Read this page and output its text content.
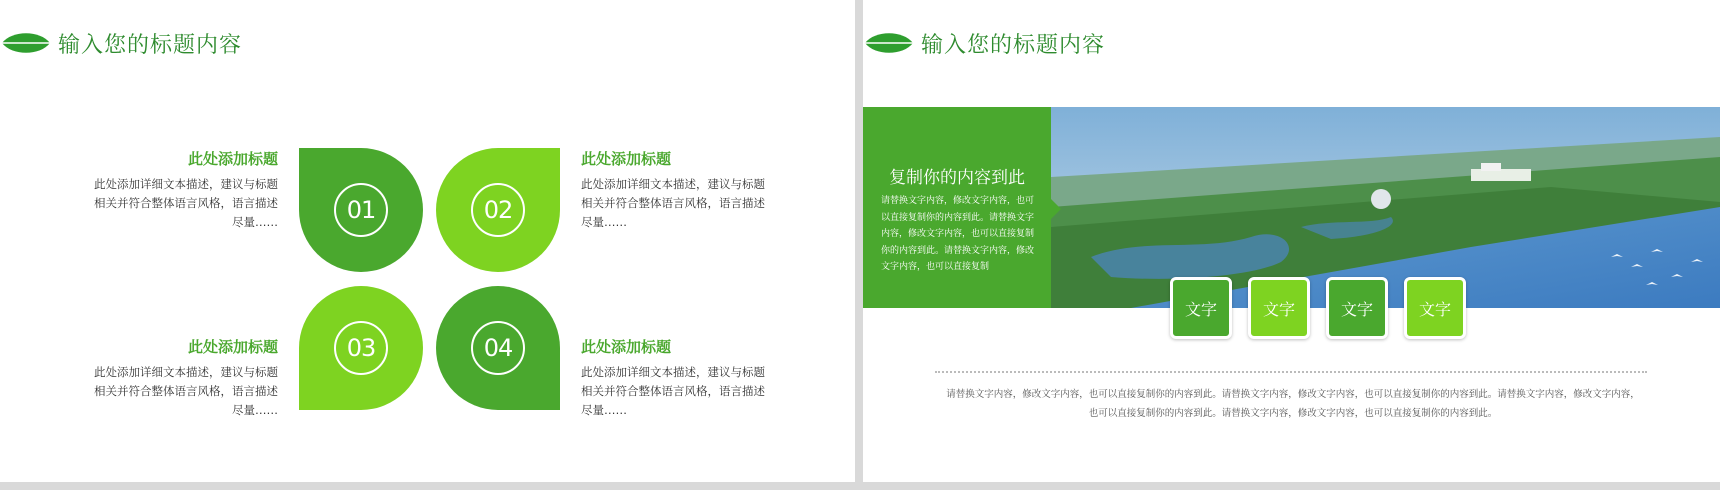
输入您的标题内容
此处添加标题
此处添加详细文本描述，建议与标题相关并符合整体语言风格，语言描述尽量……	01	02
此处添加标题
此处添加详细文本描述，建议与标题相关并符合整体语言风格，语言描述尽量……
此处添加标题
此处添加详细文本描述，建议与标题相关并符合整体语言风格，语言描述尽量……
03	04	此处添加标题
此处添加详细文本描述，建议与标题相关并符合整体语言风格，语言描述尽量……
输入您的标题内容
复制你的内容到此
请替换文字内容，修改文字内容，也可以直接复制你的内容到此。请替换文字内容，修改文字内容，也可以直接复制你的内容到此。请替换文字内容，修改文字内容，也可以直接复制
文字	文字	文字	文字
请替换文字内容，修改文字内容，也可以直接复制你的内容到此。请替换文字内容，修改文字内容，也可以直接复制你的内容到此。请替换文字内容，修改文字内容，也可以直接复制你的内容到此。请替换文字内容，修改文字内容，也可以直接复制你的内容到此。
